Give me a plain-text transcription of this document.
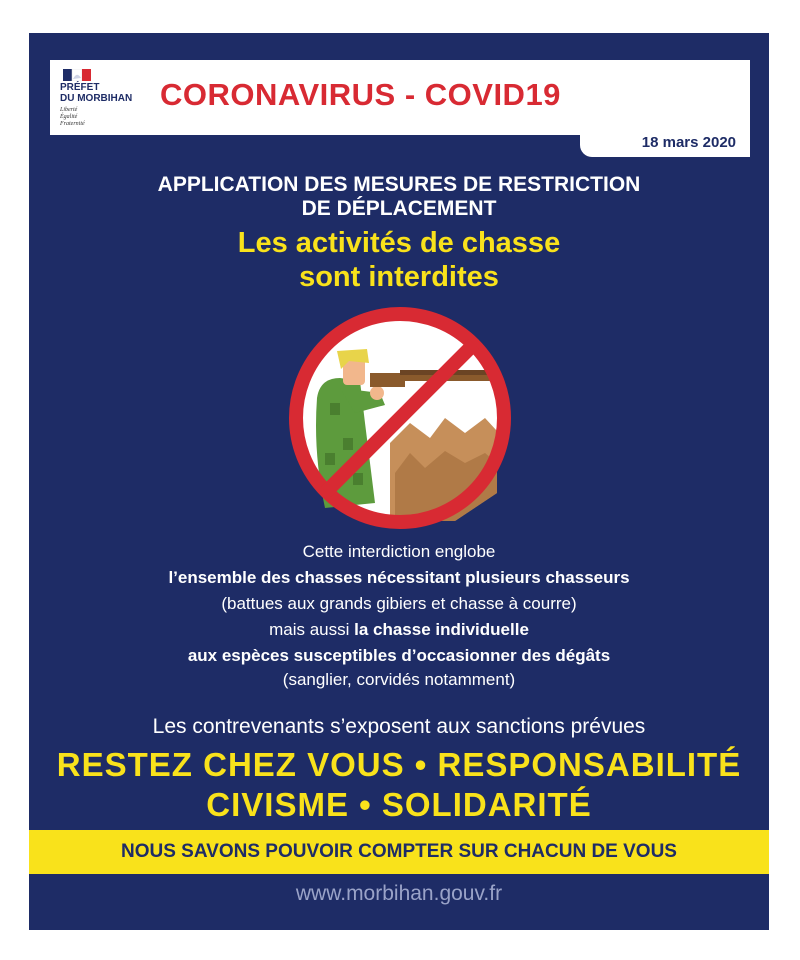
PRÉFET
DU MORBIHAN
Liberté
Égalité
Fraternité
CORONAVIRUS - COVID19
18 mars 2020
APPLICATION DES MESURES DE RESTRICTION
DE DÉPLACEMENT
Les activités de chasse
sont interdites
Cette interdiction englobe
l’ensemble des chasses nécessitant plusieurs chasseurs
(battues aux grands gibiers et chasse à courre)
mais aussi la chasse individuelle
aux espèces susceptibles d’occasionner des dégâts
(sanglier, corvidés notamment)
Les contrevenants s’exposent aux sanctions prévues
RESTEZ CHEZ VOUS • RESPONSABILITÉ
CIVISME • SOLIDARITÉ
NOUS SAVONS POUVOIR COMPTER SUR CHACUN DE VOUS
www.morbihan.gouv.fr
